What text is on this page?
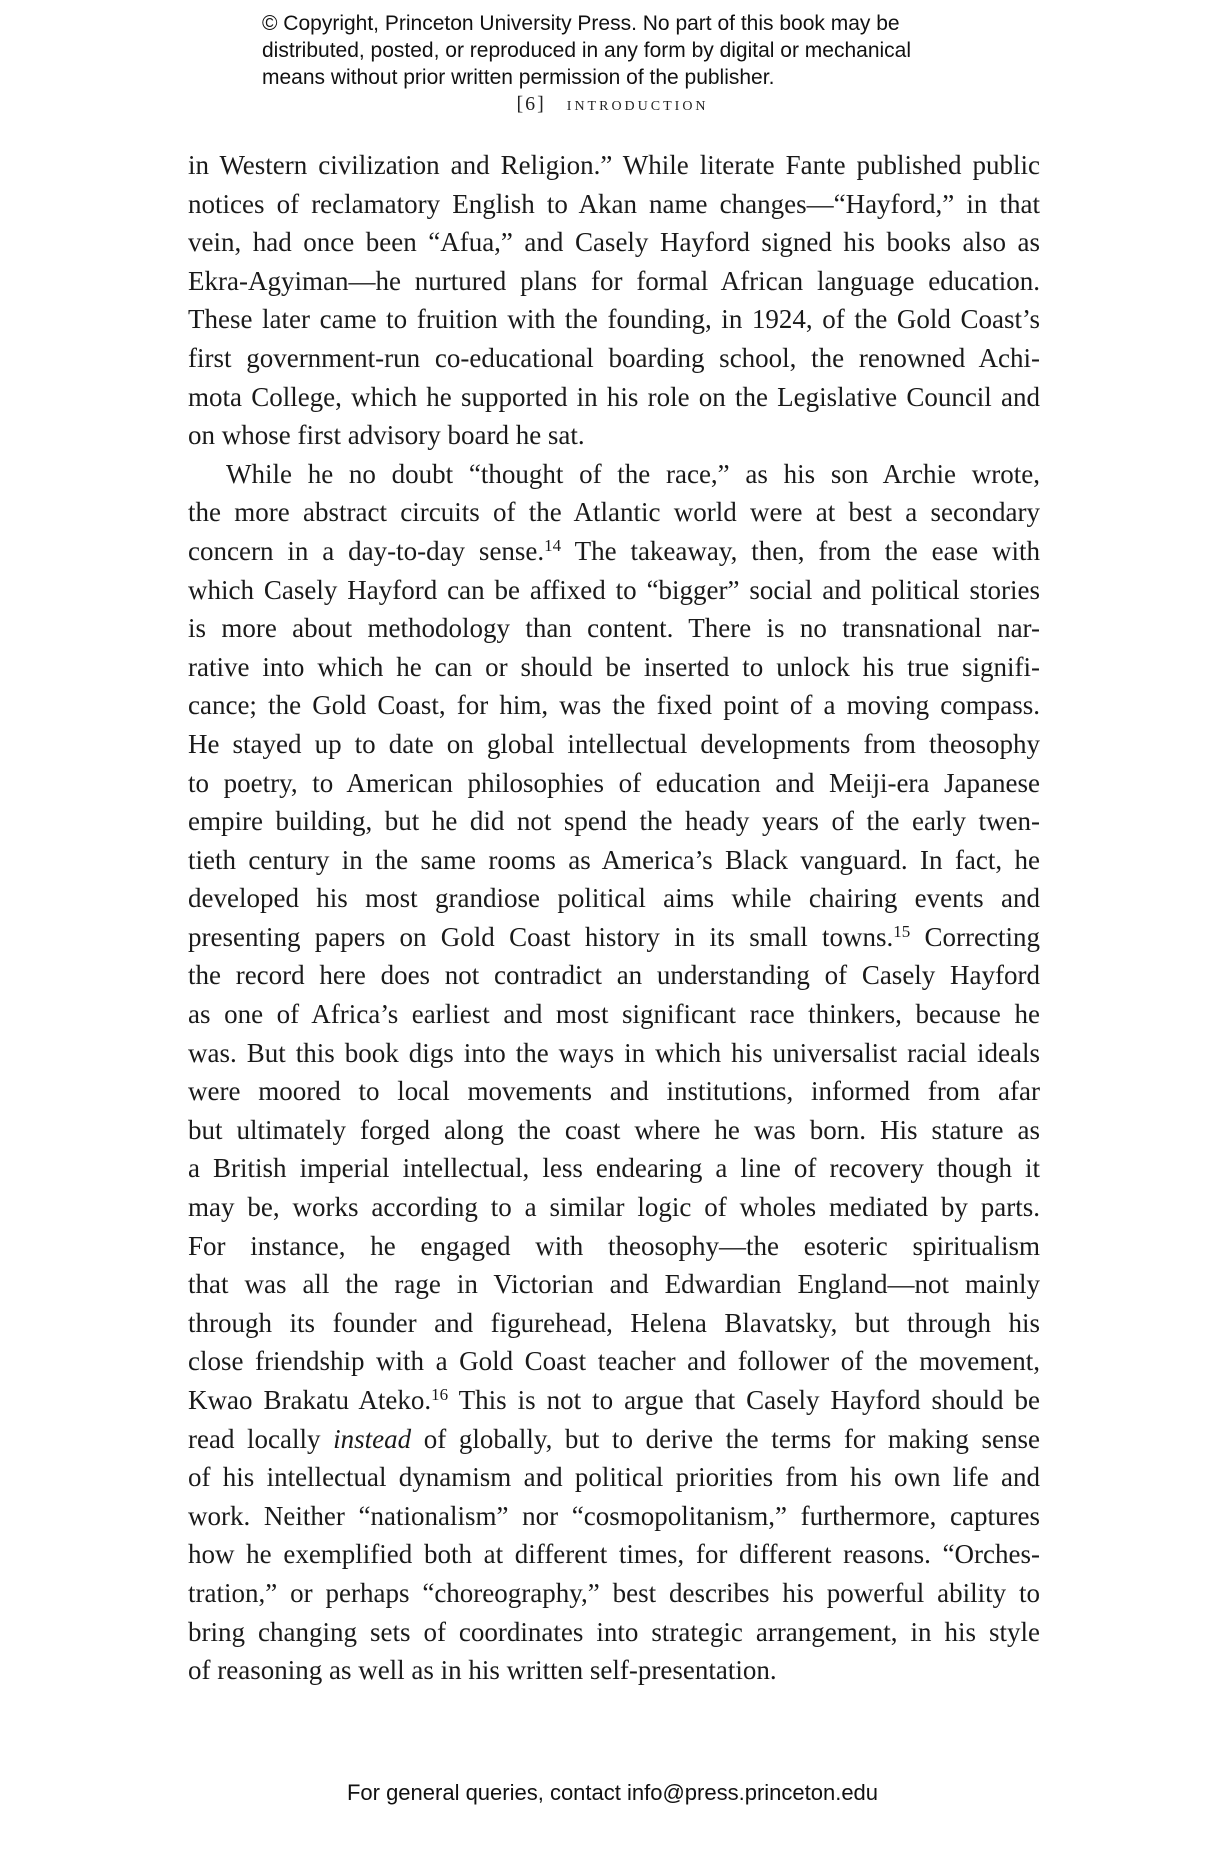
© Copyright, Princeton University Press. No part of this book may be
distributed, posted, or reproduced in any form by digital or mechanical
means without prior written permission of the publisher.
[6] introduction
in Western civilization and Religion.” While literate Fante published public
notices of reclamatory English to Akan name changes—“Hayford,” in that
vein, had once been “Afua,” and Casely Hayford signed his books also as
Ekra-Agyiman—he nurtured plans for formal African language education.
These later came to fruition with the founding, in 1924, of the Gold Coast’s
first government-run co-educational boarding school, the renowned Achi-
mota College, which he supported in his role on the Legislative Council and
on whose first advisory board he sat.
While he no doubt “thought of the race,” as his son Archie wrote,
the more abstract circuits of the Atlantic world were at best a secondary
concern in a day-to-day sense.$^{14}$ The takeaway, then, from the ease with
which Casely Hayford can be affixed to “bigger” social and political stories
is more about methodology than content. There is no transnational nar-
rative into which he can or should be inserted to unlock his true signifi-
cance; the Gold Coast, for him, was the fixed point of a moving compass.
He stayed up to date on global intellectual developments from theosophy
to poetry, to American philosophies of education and Meiji-era Japanese
empire building, but he did not spend the heady years of the early twen-
tieth century in the same rooms as America’s Black vanguard. In fact, he
developed his most grandiose political aims while chairing events and
presenting papers on Gold Coast history in its small towns.$^{15}$ Correcting
the record here does not contradict an understanding of Casely Hayford
as one of Africa’s earliest and most significant race thinkers, because he
was. But this book digs into the ways in which his universalist racial ideals
were moored to local movements and institutions, informed from afar
but ultimately forged along the coast where he was born. His stature as
a British imperial intellectual, less endearing a line of recovery though it
may be, works according to a similar logic of wholes mediated by parts.
For instance, he engaged with theosophy—the esoteric spiritualism
that was all the rage in Victorian and Edwardian England—not mainly
through its founder and figurehead, Helena Blavatsky, but through his
close friendship with a Gold Coast teacher and follower of the movement,
Kwao Brakatu Ateko.$^{16}$ This is not to argue that Casely Hayford should be
read locally instead of globally, but to derive the terms for making sense
of his intellectual dynamism and political priorities from his own life and
work. Neither “nationalism” nor “cosmopolitanism,” furthermore, captures
how he exemplified both at different times, for different reasons. “Orches-
tration,” or perhaps “choreography,” best describes his powerful ability to
bring changing sets of coordinates into strategic arrangement, in his style
of reasoning as well as in his written self-presentation.
For general queries, contact info@press.princeton.edu
